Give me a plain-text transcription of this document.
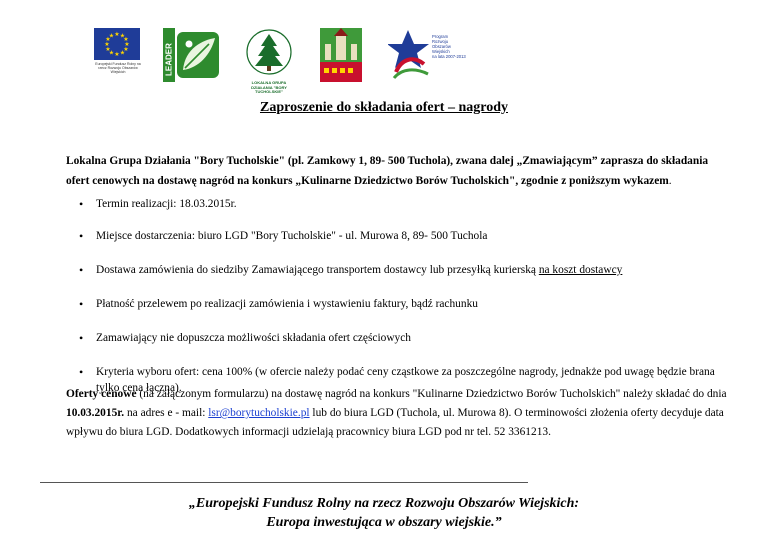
★ ★
★
★
★
★
★
★
★
★
★
★
Europejski Fundusz Rolny na rzecz Rozwoju Obszarów Wiejskich	LEADER
LOKALNA GRUPA DZIAŁANIA "BORY TUCHOLSKIE"
Program
Rozwoju
Obszarów
Wiejskich
na lata 2007-2013
Zaproszenie do składania ofert – nagrody
Lokalna Grupa Działania "Bory Tucholskie" (pl. Zamkowy 1, 89- 500 Tuchola), zwana dalej „Zmawiającym” zaprasza do składania ofert cenowych na dostawę nagród na konkurs „Kulinarne Dziedzictwo Borów Tucholskich", zgodnie z poniższym wykazem.
• Termin realizacji: 18.03.2015r.
• Miejsce dostarczenia: biuro LGD "Bory Tucholskie" - ul. Murowa 8, 89- 500 Tuchola
• Dostawa zamówienia do siedziby Zamawiającego transportem dostawcy lub przesyłką kurierską na koszt dostawcy
• Płatność przelewem po realizacji zamówienia i wystawieniu faktury, bądź rachunku
• Zamawiający nie dopuszcza możliwości składania ofert częściowych
• Kryteria wyboru ofert: cena 100% (w ofercie należy podać ceny cząstkowe za poszczególne nagrody, jednakże pod uwagę będzie brana tylko cena łączna).
Oferty cenowe (na załączonym formularzu) na dostawę nagród na konkurs "Kulinarne Dziedzictwo Borów Tucholskich" należy składać do dnia 10.03.2015r. na adres e - mail: lsr@borytucholskie.pl lub do biura LGD (Tuchola, ul. Murowa 8). O terminowości złożenia oferty decyduje data wpływu do biura LGD. Dodatkowych informacji udzielają pracownicy biura LGD pod nr tel. 52 3361213.
„Europejski Fundusz Rolny na rzecz Rozwoju Obszarów Wiejskich:
Europa inwestująca w obszary wiejskie.”
